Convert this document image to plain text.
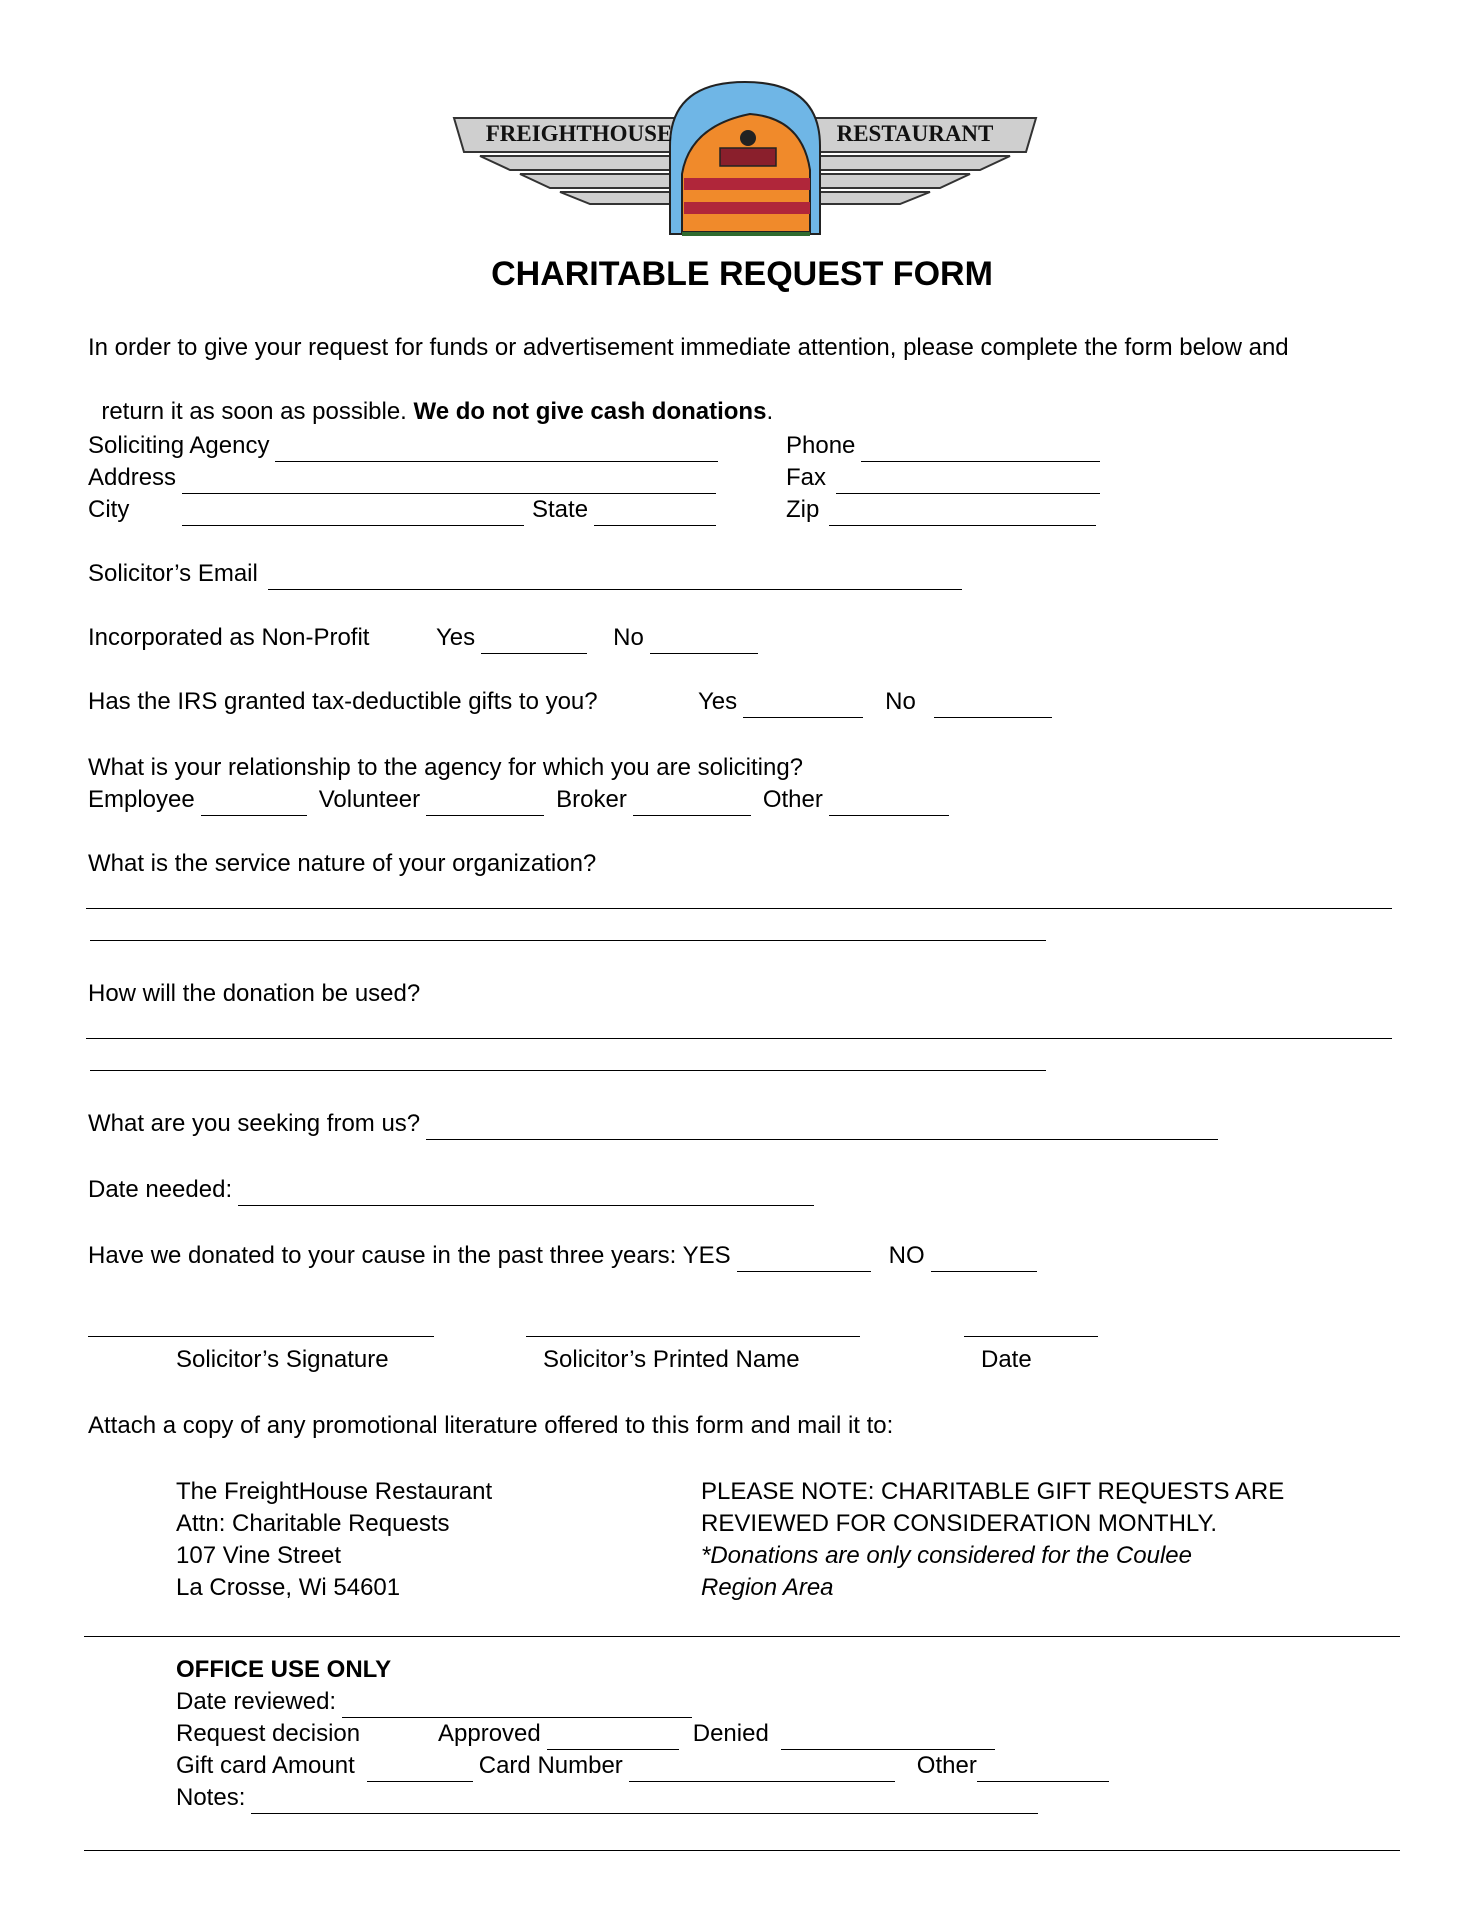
FREIGHTHOUSE	RESTAURANT
CHARITABLE REQUEST FORM
In order to give your request for funds or advertisement immediate attention, please complete the form below and

return it as soon as possible. We do not give cash donations.

Soliciting Agency	Phone
Address	Fax
City	State	Zip
Solicitor’s Email
Incorporated as Non-Profit	Yes	No
Has the IRS granted tax-deductible gifts to you?	Yes	No
What is your relationship to the agency for which you are soliciting?
Employee	Volunteer	Broker	Other
What is the service nature of your organization?
How will the donation be used?
What are you seeking from us?
Date needed:
Have we donated to your cause in the past three years: YES	NO
Solicitor’s Signature	Solicitor’s Printed Name	Date
Attach a copy of any promotional literature offered to this form and mail it to:
The FreightHouse Restaurant
Attn: Charitable Requests
107 Vine Street
La Crosse, Wi 54601
PLEASE NOTE: CHARITABLE GIFT REQUESTS ARE
REVIEWED FOR CONSIDERATION MONTHLY.
*Donations are only considered for the Coulee
Region Area
OFFICE USE ONLY
Date reviewed:
Request decision	Approved	Denied
Gift card Amount	Card Number	Other
Notes:
